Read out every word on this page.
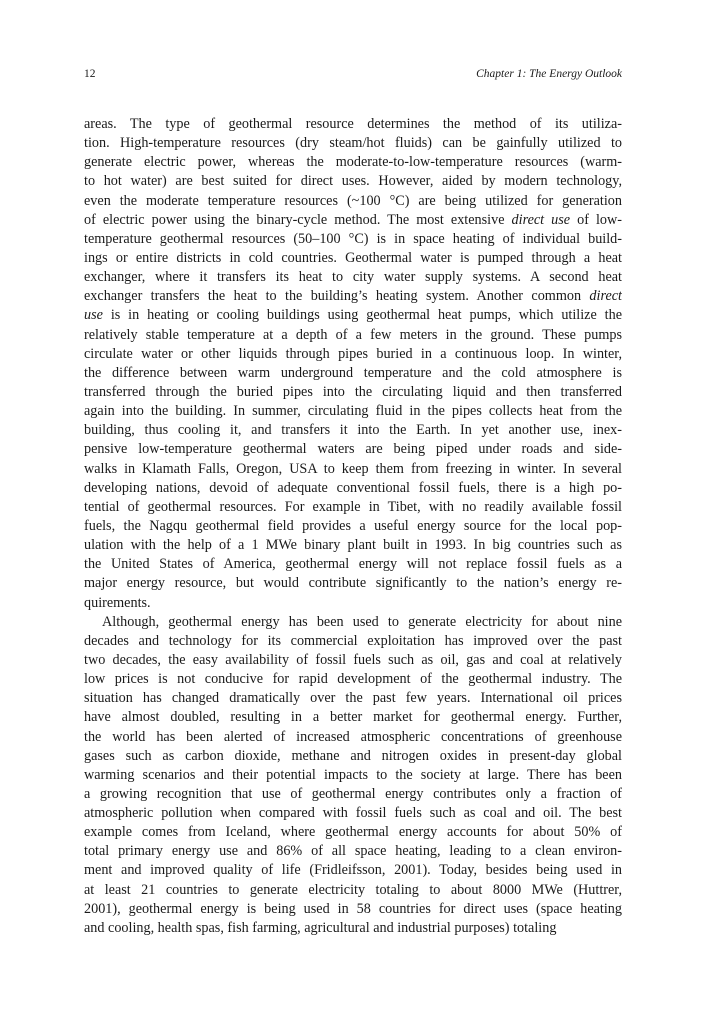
12	Chapter 1: The Energy Outlook
areas. The type of geothermal resource determines the method of its utiliza-
tion. High-temperature resources (dry steam/hot fluids) can be gainfully utilized to
generate electric power, whereas the moderate-to-low-temperature resources (warm-
to hot water) are best suited for direct uses. However, aided by modern technology,
even the moderate temperature resources (~100 °C) are being utilized for generation
of electric power using the binary-cycle method. The most extensive direct use of low-
temperature geothermal resources (50–100 °C) is in space heating of individual build-
ings or entire districts in cold countries. Geothermal water is pumped through a heat
exchanger, where it transfers its heat to city water supply systems. A second heat
exchanger transfers the heat to the building’s heating system. Another common direct
use is in heating or cooling buildings using geothermal heat pumps, which utilize the
relatively stable temperature at a depth of a few meters in the ground. These pumps
circulate water or other liquids through pipes buried in a continuous loop. In winter,
the difference between warm underground temperature and the cold atmosphere is
transferred through the buried pipes into the circulating liquid and then transferred
again into the building. In summer, circulating fluid in the pipes collects heat from the
building, thus cooling it, and transfers it into the Earth. In yet another use, inex-
pensive low-temperature geothermal waters are being piped under roads and side-
walks in Klamath Falls, Oregon, USA to keep them from freezing in winter. In several
developing nations, devoid of adequate conventional fossil fuels, there is a high po-
tential of geothermal resources. For example in Tibet, with no readily available fossil
fuels, the Nagqu geothermal field provides a useful energy source for the local pop-
ulation with the help of a 1 MWe binary plant built in 1993. In big countries such as
the United States of America, geothermal energy will not replace fossil fuels as a
major energy resource, but would contribute significantly to the nation’s energy re-
quirements.
Although, geothermal energy has been used to generate electricity for about nine
decades and technology for its commercial exploitation has improved over the past
two decades, the easy availability of fossil fuels such as oil, gas and coal at relatively
low prices is not conducive for rapid development of the geothermal industry. The
situation has changed dramatically over the past few years. International oil prices
have almost doubled, resulting in a better market for geothermal energy. Further,
the world has been alerted of increased atmospheric concentrations of greenhouse
gases such as carbon dioxide, methane and nitrogen oxides in present-day global
warming scenarios and their potential impacts to the society at large. There has been
a growing recognition that use of geothermal energy contributes only a fraction of
atmospheric pollution when compared with fossil fuels such as coal and oil. The best
example comes from Iceland, where geothermal energy accounts for about 50% of
total primary energy use and 86% of all space heating, leading to a clean environ-
ment and improved quality of life (Fridleifsson, 2001). Today, besides being used in
at least 21 countries to generate electricity totaling to about 8000 MWe (Huttrer,
2001), geothermal energy is being used in 58 countries for direct uses (space heating
and cooling, health spas, fish farming, agricultural and industrial purposes) totaling
